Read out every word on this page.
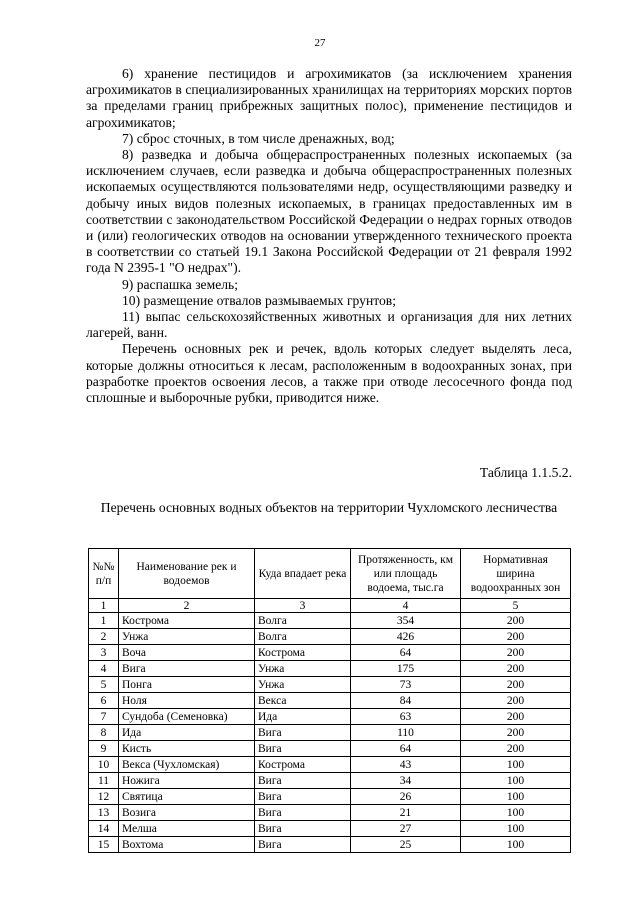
27

6) хранение пестицидов и агрохимикатов (за исключением хранения агрохимикатов в специализированных хранилищах на территориях морских портов за пределами границ прибрежных защитных полос), применение пестицидов и агрохимикатов;

7) сброс сточных, в том числе дренажных, вод;

8) разведка и добыча общераспространенных полезных ископаемых (за исключением случаев, если разведка и добыча общераспространенных полезных ископаемых осуществляются пользователями недр, осуществляющими разведку и добычу иных видов полезных ископаемых, в границах предоставленных им в соответствии с законодательством Российской Федерации о недрах горных отводов и (или) геологических отводов на основании утвержденного технического проекта в соответствии со статьей 19.1 Закона Российской Федерации от 21 февраля 1992 года N 2395-1 "О недрах").

9) распашка земель;

10) размещение отвалов размываемых грунтов;

11) выпас сельскохозяйственных животных и организация для них летних лагерей, ванн.

Перечень основных рек и речек, вдоль которых следует выделять леса, которые должны относиться к лесам, расположенным в водоохранных зонах, при разработке проектов освоения лесов, а также при отводе лесосечного фонда под сплошные и выборочные рубки, приводится ниже.

Таблица 1.1.5.2.
Перечень основных водных объектов на территории Чухломского лесничества
№№ п/п	Наименование рек и водоемов	Куда впадает река	Протяженность, км или площадь водоема, тыс.га	Нормативная ширина водоохранных зон
1	2	3	4	5
1	Кострома	Волга	354	200
2	Унжа	Волга	426	200
3	Воча	Кострома	64	200
4	Вига	Унжа	175	200
5	Понга	Унжа	73	200
6	Ноля	Векса	84	200
7	Сундоба (Семеновка)	Ида	63	200
8	Ида	Вига	110	200
9	Кисть	Вига	64	200
10	Векса (Чухломская)	Кострома	43	100
11	Ножига	Вига	34	100
12	Святица	Вига	26	100
13	Возига	Вига	21	100
14	Мелша	Вига	27	100
15	Вохтома	Вига	25	100
